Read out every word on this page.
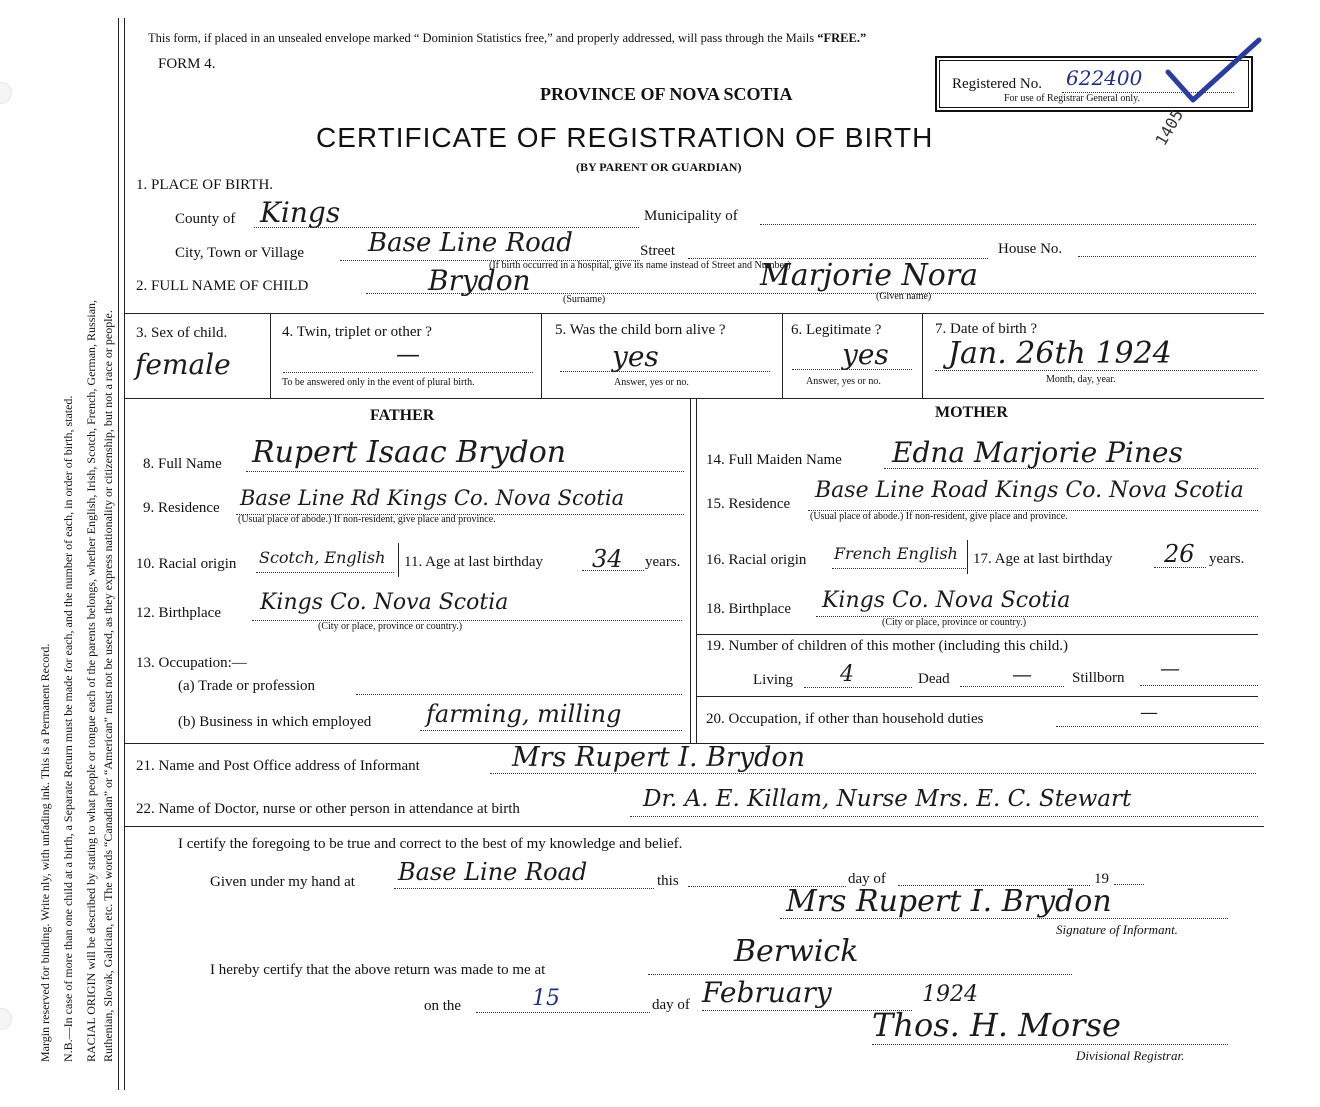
Margin reserved for binding. Write nly, with unfading ink. This is a Permanent Record. N.B.—In case of more than one child at a birth, a Separate Return must be made for each, and the number of each, in order of birth, stated. RACIAL ORIGIN will be described by stating to what people or tongue each of the parents belongs, whether English, Irish, Scotch, French, German, Russian, Ruthenian, Slovak, Galician, etc. The words “Canadian” or “American” must not be used, as they express nationality or citizenship, but not a race or people.
This form, if placed in an unsealed envelope marked “ Dominion Statistics free,” and properly addressed, will pass through the Mails “FREE.”
FORM 4.
PROVINCE OF NOVA SCOTIA
CERTIFICATE OF REGISTRATION OF BIRTH
(BY PARENT OR GUARDIAN)
Registered No. 622400
For use of Registrar General only.
1405
1. PLACE OF BIRTH.
County of Kings	Municipality of
City, Town or Village Base Line Road	Street	House No.
(If birth occurred in a hospital, give its name instead of Street and Number)
2. FULL NAME OF CHILD	Brydon	Marjorie Nora
(Surname)	(Given name)
3. Sex of child.
female
4. Twin, triplet or other ?
—
To be answered only in the event of plural birth.
5. Was the child born alive ?
yes
Answer, yes or no.
6. Legitimate ?
yes
Answer, yes or no.
7. Date of birth ?
Jan. 26th 1924
Month, day, year.
FATHER	MOTHER
8. Full Name Rupert Isaac Brydon
9. Residence Base Line Rd Kings Co. Nova Scotia
(Usual place of abode.) If non-resident, give place and province.
10. Racial origin Scotch, English 11. Age at last birthday 34 years.
12. Birthplace Kings Co. Nova Scotia
(City or place, province or country.)
13. Occupation:—
(a) Trade or profession
(b) Business in which employed farming, milling
14. Full Maiden Name Edna Marjorie Pines
15. Residence
Base Line Road Kings Co. Nova Scotia
(Usual place of abode.) If non-resident, give place and province.
16. Racial origin French English 17. Age at last birthday 26 years.
18. Birthplace Kings Co. Nova Scotia
(City or place, province or country.)
19. Number of children of this mother (including this child.)
Living 4	Dead	—	Stillborn —
20. Occupation, if other than household duties	—
21. Name and Post Office address of Informant	Mrs Rupert I. Brydon
22. Name of Doctor, nurse or other person in attendance at birth	Dr. A. E. Killam, Nurse Mrs. E. C. Stewart
I certify the foregoing to be true and correct to the best of my knowledge and belief.
Given under my hand at Base Line Road	this	day of	19
Mrs Rupert I. Brydon
Signature of Informant.
I hereby certify that the above return was made to me at
Berwick
on the	15	day of February	1924
Thos. H. Morse
Divisional Registrar.
